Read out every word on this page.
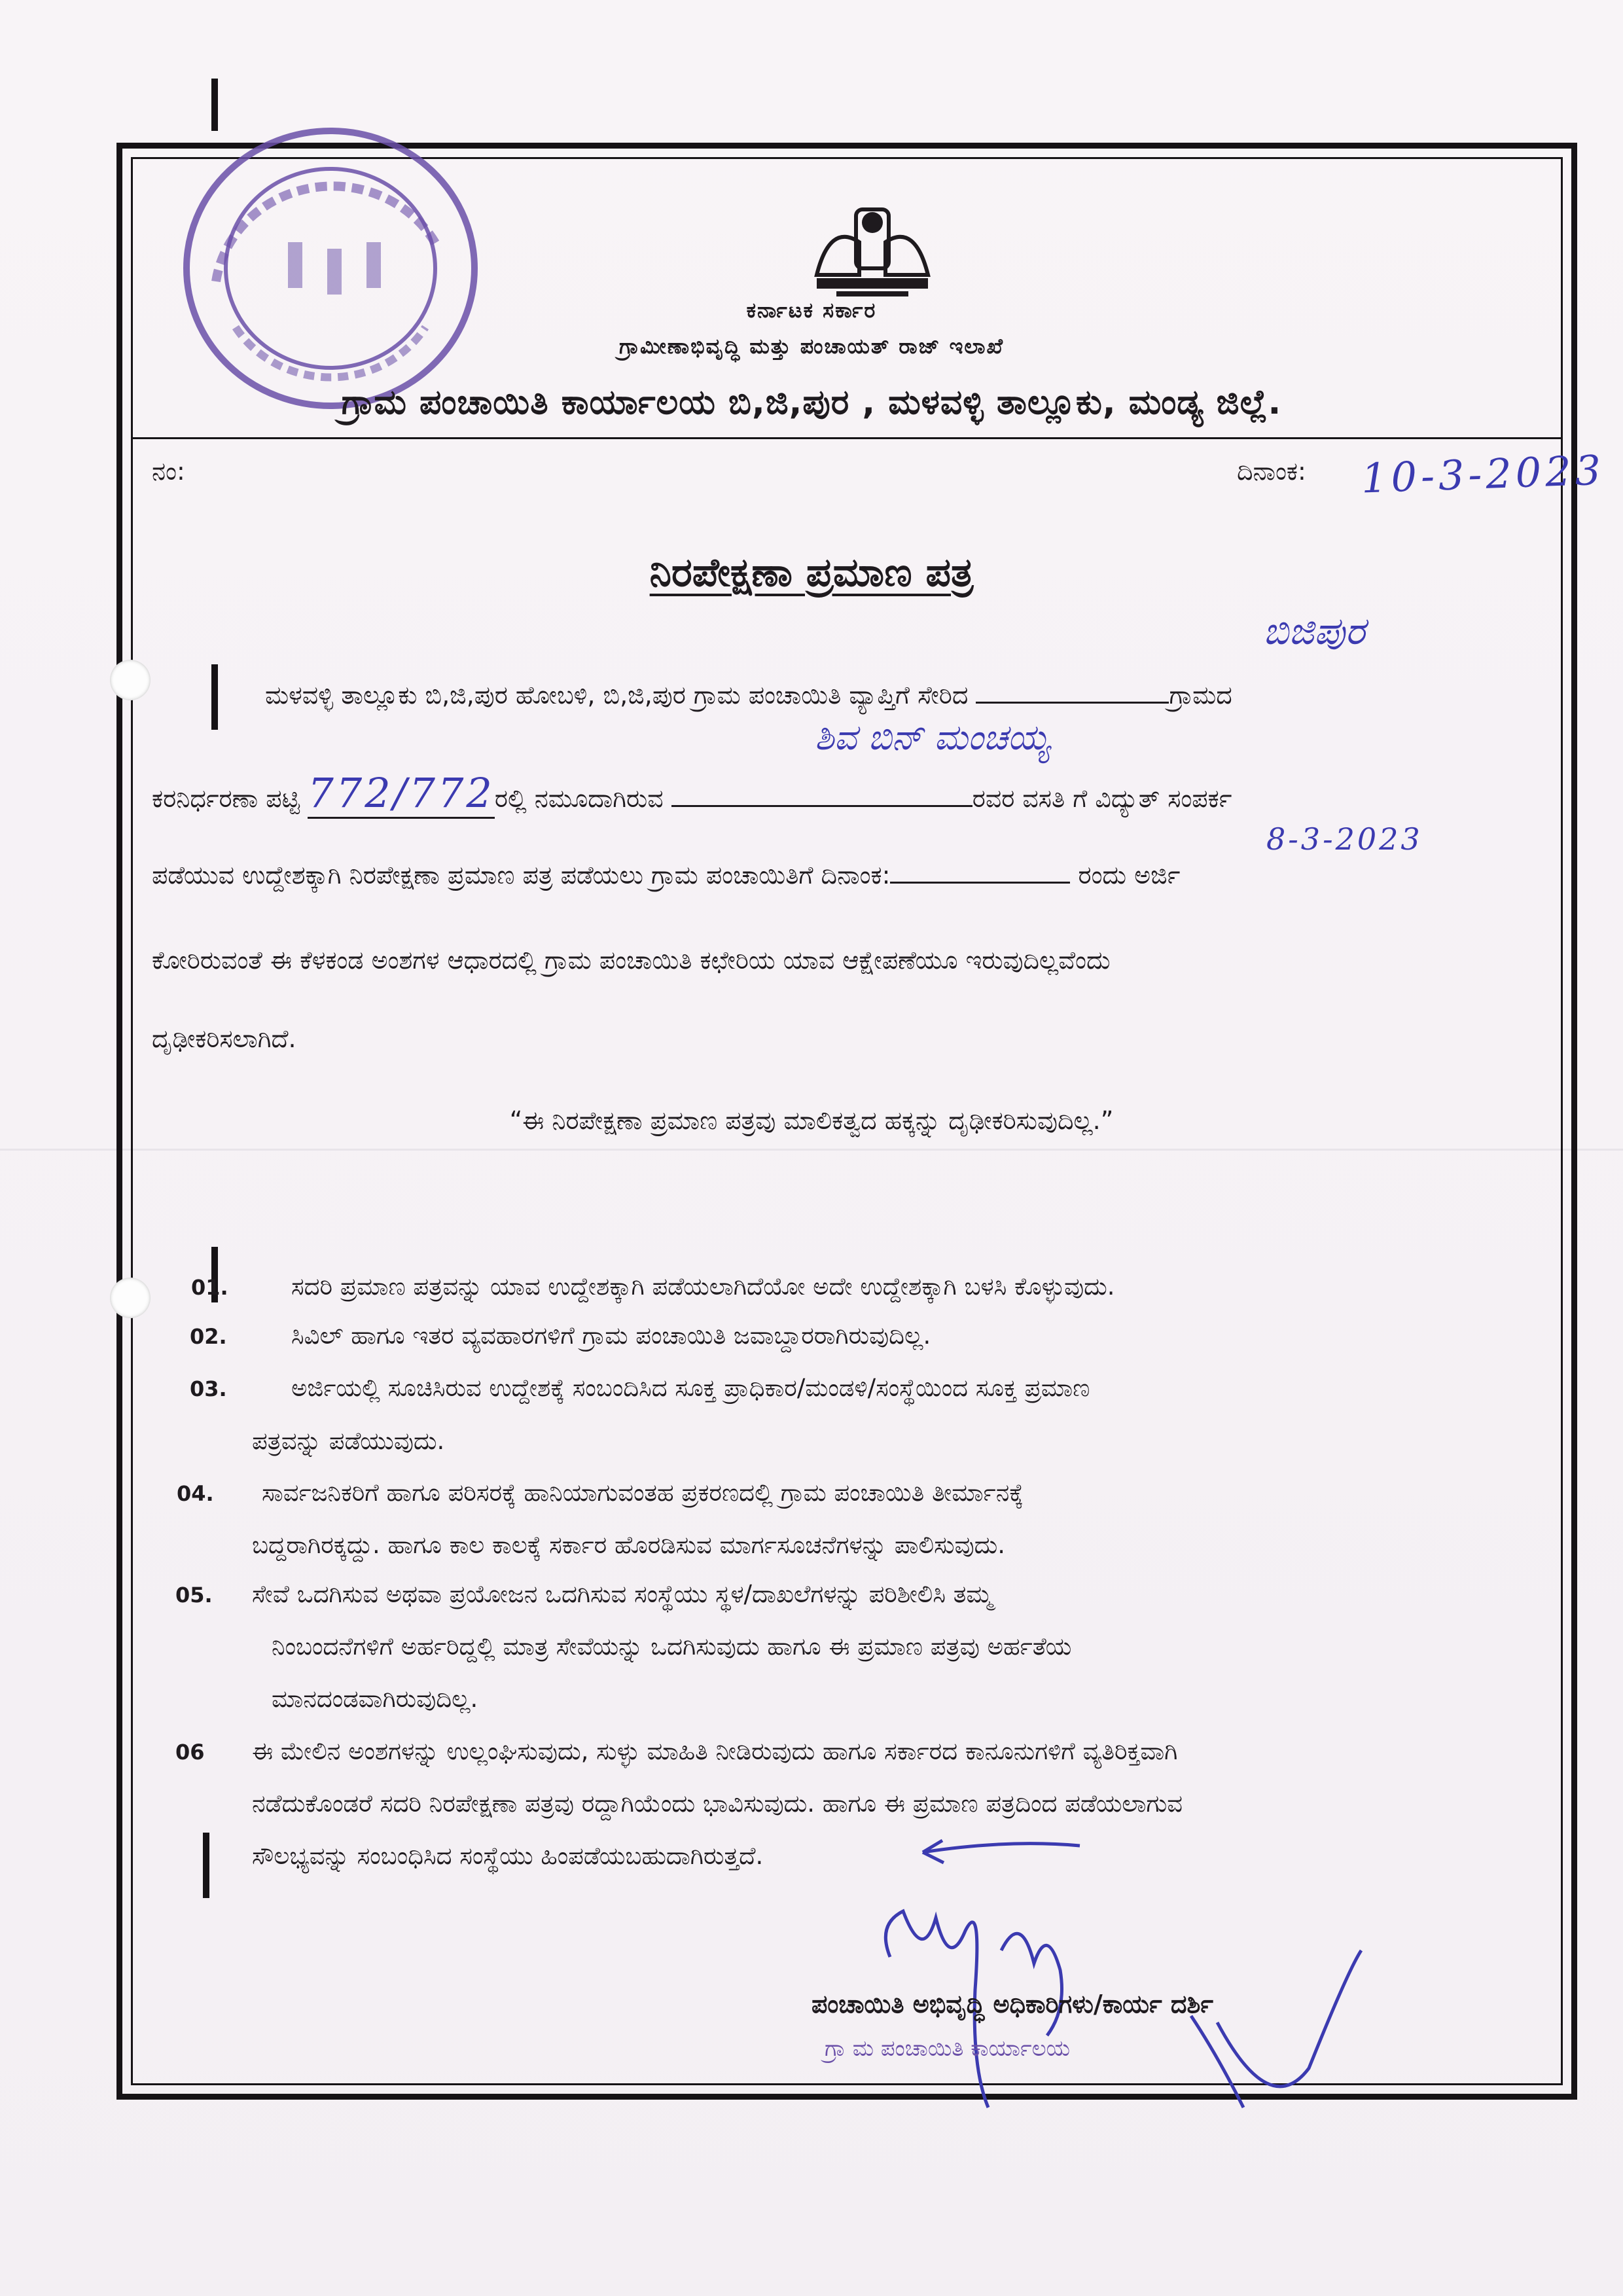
ಕರ್ನಾಟಕ ಸರ್ಕಾರ
ಗ್ರಾಮೀಣಾಭಿವೃದ್ಧಿ ಮತ್ತು ಪಂಚಾಯತ್ ರಾಜ್ ಇಲಾಖೆ
ಗ್ರಾಮ ಪಂಚಾಯಿತಿ ಕಾರ್ಯಾಲಯ ಬಿ,ಜಿ,ಪುರ , ಮಳವಳ್ಳಿ ತಾಲ್ಲೂಕು, ಮಂಡ್ಯ ಜಿಲ್ಲೆ.
ನಂ:	ದಿನಾಂಕ: 10-3-2023
ನಿರಪೇಕ್ಷಣಾ ಪ್ರಮಾಣ ಪತ್ರ
ಬಿಜಿಪುರ
ಶಿವ ಬಿನ್ ಮಂಚಯ್ಯ
8-3-2023
ಮಳವಳ್ಳಿ ತಾಲ್ಲೂಕು ಬಿ,ಜಿ,ಪುರ ಹೋಬಳಿ, ಬಿ,ಜಿ,ಪುರ ಗ್ರಾಮ ಪಂಚಾಯಿತಿ ವ್ಯಾಪ್ತಿಗೆ ಸೇರಿದ	ಗ್ರಾಮದ
ಕರನಿರ್ಧರಣಾ ಪಟ್ಟಿ 772/772ರಲ್ಲಿ ನಮೂದಾಗಿರುವ	ರವರ ವಸತಿ ಗೆ ವಿದ್ಯುತ್ ಸಂಪರ್ಕ
ಪಡೆಯುವ ಉದ್ದೇಶಕ್ಕಾಗಿ ನಿರಪೇಕ್ಷಣಾ ಪ್ರಮಾಣ ಪತ್ರ ಪಡೆಯಲು ಗ್ರಾಮ ಪಂಚಾಯಿತಿಗೆ ದಿನಾಂಕ:	ರಂದು ಅರ್ಜಿ
ಕೋರಿರುವಂತೆ ಈ ಕೆಳಕಂಡ ಅಂಶಗಳ ಆಧಾರದಲ್ಲಿ ಗ್ರಾಮ ಪಂಚಾಯಿತಿ ಕಛೇರಿಯ ಯಾವ ಆಕ್ಷೇಪಣೆಯೂ ಇರುವುದಿಲ್ಲವೆಂದು
ದೃಢೀಕರಿಸಲಾಗಿದೆ.
“ಈ ನಿರಪೇಕ್ಷಣಾ ಪ್ರಮಾಣ ಪತ್ರವು ಮಾಲಿಕತ್ವದ ಹಕ್ಕನ್ನು ದೃಢೀಕರಿಸುವುದಿಲ್ಲ.”
01.	ಸದರಿ ಪ್ರಮಾಣ ಪತ್ರವನ್ನು ಯಾವ ಉದ್ದೇಶಕ್ಕಾಗಿ ಪಡೆಯಲಾಗಿದೆಯೋ ಅದೇ ಉದ್ದೇಶಕ್ಕಾಗಿ ಬಳಸಿ ಕೊಳ್ಳುವುದು.
02.	ಸಿವಿಲ್ ಹಾಗೂ ಇತರ ವ್ಯವಹಾರಗಳಿಗೆ ಗ್ರಾಮ ಪಂಚಾಯಿತಿ ಜವಾಬ್ದಾರರಾಗಿರುವುದಿಲ್ಲ.
03.	ಅರ್ಜಿಯಲ್ಲಿ ಸೂಚಿಸಿರುವ ಉದ್ದೇಶಕ್ಕೆ ಸಂಬಂದಿಸಿದ ಸೂಕ್ತ ಪ್ರಾಧಿಕಾರ/ಮಂಡಳಿ/ಸಂಸ್ಥೆಯಿಂದ ಸೂಕ್ತ ಪ್ರಮಾಣ
ಪತ್ರವನ್ನು ಪಡೆಯುವುದು.
04. ಸಾರ್ವಜನಿಕರಿಗೆ ಹಾಗೂ ಪರಿಸರಕ್ಕೆ ಹಾನಿಯಾಗುವಂತಹ ಪ್ರಕರಣದಲ್ಲಿ ಗ್ರಾಮ ಪಂಚಾಯಿತಿ ತೀರ್ಮಾನಕ್ಕೆ
ಬದ್ದರಾಗಿರಕ್ಕದ್ದು. ಹಾಗೂ ಕಾಲ ಕಾಲಕ್ಕೆ ಸರ್ಕಾರ ಹೊರಡಿಸುವ ಮಾರ್ಗಸೂಚನೆಗಳನ್ನು ಪಾಲಿಸುವುದು.
05. ಸೇವೆ ಒದಗಿಸುವ ಅಥವಾ ಪ್ರಯೋಜನ ಒದಗಿಸುವ ಸಂಸ್ಥೆಯು ಸ್ಥಳ/ದಾಖಲೆಗಳನ್ನು ಪರಿಶೀಲಿಸಿ ತಮ್ಮ
ನಿಂಬಂದನೆಗಳಿಗೆ ಅರ್ಹರಿದ್ದಲ್ಲಿ ಮಾತ್ರ ಸೇವೆಯನ್ನು ಒದಗಿಸುವುದು ಹಾಗೂ ಈ ಪ್ರಮಾಣ ಪತ್ರವು ಅರ್ಹತೆಯ
ಮಾನದಂಡವಾಗಿರುವುದಿಲ್ಲ.
06 ಈ ಮೇಲಿನ ಅಂಶಗಳನ್ನು ಉಲ್ಲಂಘಿಸುವುದು, ಸುಳ್ಳು ಮಾಹಿತಿ ನೀಡಿರುವುದು ಹಾಗೂ ಸರ್ಕಾರದ ಕಾನೂನುಗಳಿಗೆ ವ್ಯತಿರಿಕ್ತವಾಗಿ
ನಡೆದುಕೊಂಡರೆ ಸದರಿ ನಿರಪೇಕ್ಷಣಾ ಪತ್ರವು ರದ್ದಾಗಿಯೆಂದು ಭಾವಿಸುವುದು. ಹಾಗೂ ಈ ಪ್ರಮಾಣ ಪತ್ರದಿಂದ ಪಡೆಯಲಾಗುವ
ಸೌಲಭ್ಯವನ್ನು ಸಂಬಂಧಿಸಿದ ಸಂಸ್ಥೆಯು ಹಿಂಪಡೆಯಬಹುದಾಗಿರುತ್ತದೆ.
ಪಂಚಾಯಿತಿ ಅಭಿವೃದ್ಧಿ ಅಧಿಕಾರಿಗಳು/ಕಾರ್ಯ ದರ್ಶಿ
ಗ್ರಾ ಮ ಪಂಚಾಯಿತಿ ಕಾರ್ಯಾಲಯ
